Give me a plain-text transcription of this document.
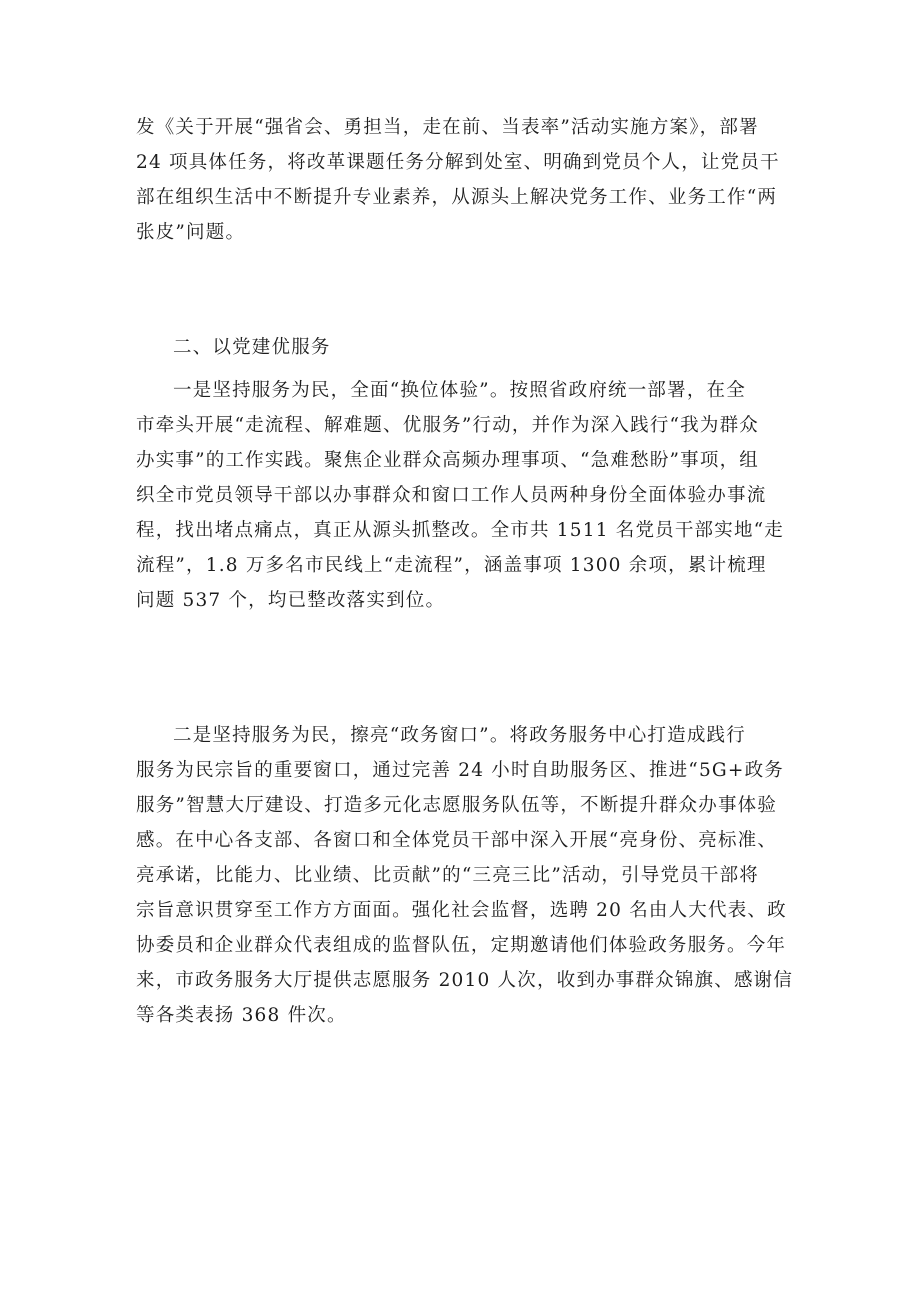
发《关于开展“强省会、勇担当，走在前、当表率”活动实施方案》，部署
24 项具体任务，将改革课题任务分解到处室、明确到党员个人，让党员干
部在组织生活中不断提升专业素养，从源头上解决党务工作、业务工作“两
张皮”问题。
二、以党建优服务
一是坚持服务为民，全面“换位体验”。按照省政府统一部署，在全
市牵头开展“走流程、解难题、优服务”行动，并作为深入践行“我为群众
办实事”的工作实践。聚焦企业群众高频办理事项、“急难愁盼”事项，组
织全市党员领导干部以办事群众和窗口工作人员两种身份全面体验办事流
程，找出堵点痛点，真正从源头抓整改。全市共 1511 名党员干部实地“走
流程”，1.8 万多名市民线上“走流程”，涵盖事项 1300 余项，累计梳理
问题 537 个，均已整改落实到位。
二是坚持服务为民，擦亮“政务窗口”。将政务服务中心打造成践行
服务为民宗旨的重要窗口，通过完善 24 小时自助服务区、推进“5G+政务
服务”智慧大厅建设、打造多元化志愿服务队伍等，不断提升群众办事体验
感。在中心各支部、各窗口和全体党员干部中深入开展“亮身份、亮标准、
亮承诺，比能力、比业绩、比贡献”的“三亮三比”活动，引导党员干部将
宗旨意识贯穿至工作方方面面。强化社会监督，选聘 20 名由人大代表、政
协委员和企业群众代表组成的监督队伍，定期邀请他们体验政务服务。今年
来，市政务服务大厅提供志愿服务 2010 人次，收到办事群众锦旗、感谢信
等各类表扬 368 件次。
